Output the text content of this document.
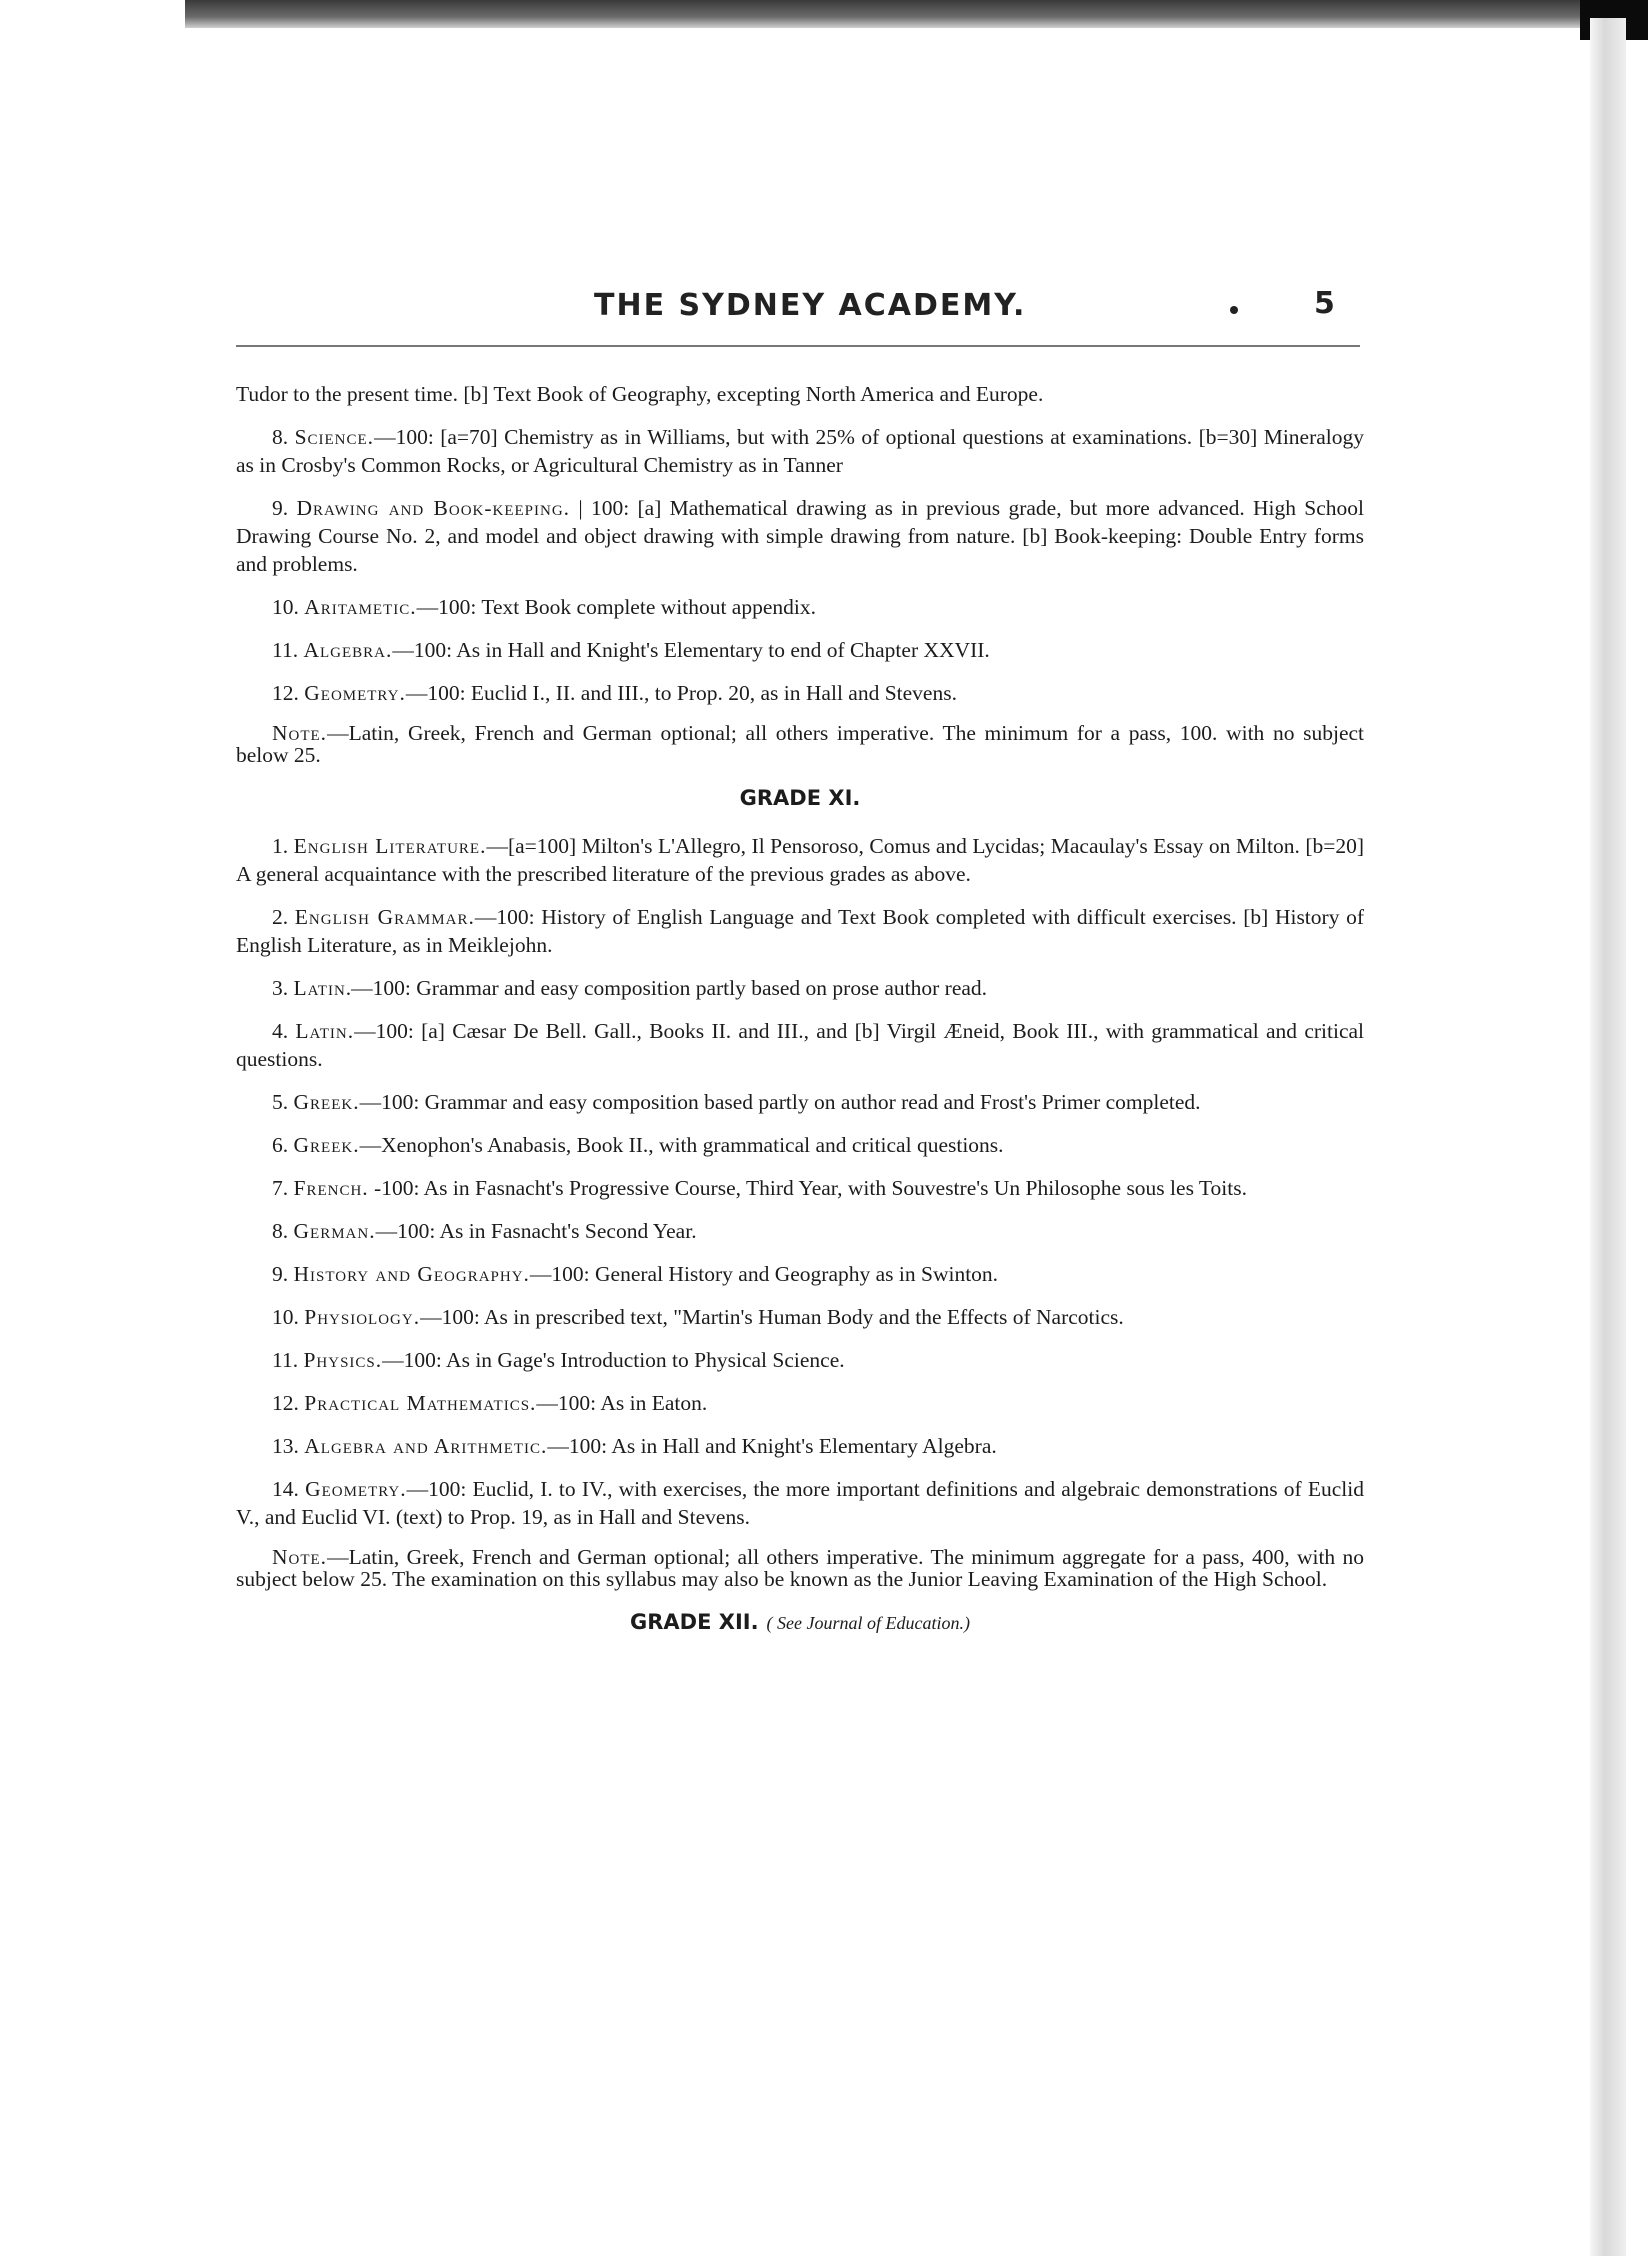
THE SYDNEY ACADEMY.	5

Tudor to the present time. [b] Text Book of Geography, excepting North America and Europe.

8. Science.—100: [a=70] Chemistry as in Williams, but with 25% of optional questions at examinations. [b=30] Mineralogy as in Crosby's Common Rocks, or Agricultural Chemistry as in Tanner

9. Drawing and Book-keeping. | 100: [a] Mathematical drawing as in previous grade, but more advanced. High School Drawing Course No. 2, and model and object drawing with simple drawing from nature. [b] Book-keeping: Double Entry forms and problems.

10. Aritametic.—100: Text Book complete without appendix.

11. Algebra.—100: As in Hall and Knight's Elementary to end of Chapter XXVII.

12. Geometry.—100: Euclid I., II. and III., to Prop. 20, as in Hall and Stevens.

Note.—Latin, Greek, French and German optional; all others imperative. The minimum for a pass, 100. with no subject below 25.

GRADE XI.

1. English Literature.—[a=100] Milton's L'Allegro, Il Pensoroso, Comus and Lycidas; Macaulay's Essay on Milton. [b=20] A general acquaintance with the prescribed literature of the previous grades as above.

2. English Grammar.—100: History of English Language and Text Book completed with difficult exercises. [b] History of English Literature, as in Meiklejohn.

3. Latin.—100: Grammar and easy composition partly based on prose author read.

4. Latin.—100: [a] Cæsar De Bell. Gall., Books II. and III., and [b] Virgil Æneid, Book III., with grammatical and critical questions.

5. Greek.—100: Grammar and easy composition based partly on author read and Frost's Primer completed.

6. Greek.—Xenophon's Anabasis, Book II., with grammatical and critical questions.

7. French. -100: As in Fasnacht's Progressive Course, Third Year, with Souvestre's Un Philosophe sous les Toits.

8. German.—100: As in Fasnacht's Second Year.

9. History and Geography.—100: General History and Geography as in Swinton.

10. Physiology.—100: As in prescribed text, "Martin's Human Body and the Effects of Narcotics.

11. Physics.—100: As in Gage's Introduction to Physical Science.

12. Practical Mathematics.—100: As in Eaton.

13. Algebra and Arithmetic.—100: As in Hall and Knight's Elementary Algebra.

14. Geometry.—100: Euclid, I. to IV., with exercises, the more important definitions and algebraic demonstrations of Euclid V., and Euclid VI. (text) to Prop. 19, as in Hall and Stevens.

Note.—Latin, Greek, French and German optional; all others imperative. The minimum aggregate for a pass, 400, with no subject below 25. The examination on this syllabus may also be known as the Junior Leaving Examination of the High School.

GRADE XII. ( See Journal of Education.)
